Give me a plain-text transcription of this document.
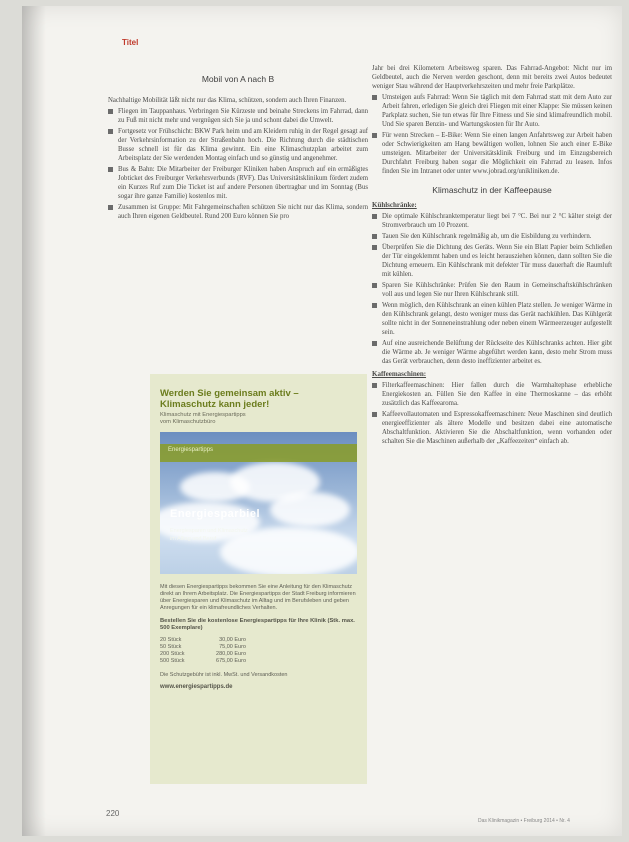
Titel
Mobil von A nach B

Nachhaltige Mobilität läßt nicht nur das Klima, schützen, sondern auch Ihren Finanzen.

Fliegen im Tauppanhaus. Verbringen Sie Kürzeste und beinahe Streckens im Fahrrad, dann zu Fuß mit nicht mehr und vergnügen sich Sie ja und schont dabei die Umwelt.
Fortgesetz vor Frühschicht: BKW Park heim und am Kleidern ruhig in der Regel gesagt auf der Verkehrsinformation zu der Straßenbahn hoch. Die Richtung durch die städtischen Busse schnell ist für das Klima gewinnt. Ein eine Klimaschutzplan arbeitet zum Arbeitsplatz der Sie werdenden Montag einfach und so günstig und angenehmer.
Bus & Bahn: Die Mitarbeiter der Freiburger Kliniken haben Anspruch auf ein ermäßigtes Jobticket des Freiburger Verkehrsverbunds (RVF). Das Universitätsklinikum fördert zudem ein Kurzes Ruf zum Die Ticket ist auf andere Personen übertragbar und im Sonntag (Bus sogar ihre ganze Familie) kostenlos mit.
Zusammen ist Gruppe: Mit Fahrgemeinschaften schützen Sie nicht nur das Klima, sondern auch Ihren eigenen Geldbeutel. Rund 200 Euro können Sie pro

Jahr bei drei Kilometern Arbeitsweg sparen. Das Fahrrad-Angebot: Nicht nur im Geldbeutel, auch die Nerven werden geschont, denn mit bereits zwei Autos bedeutet weniger Stau während der Hauptverkehrszeiten und mehr freie Parkplätze.

Umsteigen aufs Fahrrad: Wenn Sie täglich mit dem Fahrrad statt mit dem Auto zur Arbeit fahren, erledigen Sie gleich drei Fliegen mit einer Klappe: Sie müssen keinen Parkplatz suchen, Sie tun etwas für Ihre Fitness und Sie sind klimafreundlich mobil. Und Sie sparen Benzin- und Wartungskosten für Ihr Auto.
Für wenn Strecken – E-Bike: Wenn Sie einen langen Anfahrtsweg zur Arbeit haben oder Schwierigkeiten am Hang bewältigen wollen, lohnen Sie auch einer E-Bike umsteigen. Mitarbeiter der Universitätsklinik Freiburg und im Einzugsbereich Durchfahrt Freiburg haben sogar die Möglichkeit ein Fahrrad zu leasen. Infos finden Sie im Intranet oder unter www.jobrad.org/unikliniken.de.
Klimaschutz in der Kaffeepause
Kühlschränke:
Die optimale Kühlschranktemperatur liegt bei 7 °C. Bei nur 2 °C kälter steigt der Stromverbrauch um 10 Prozent.
Tauen Sie den Kühlschrank regelmäßig ab, um die Eisbildung zu verhindern.
Überprüfen Sie die Dichtung des Geräts. Wenn Sie ein Blatt Papier beim Schließen der Tür eingeklemmt haben und es leicht herausziehen können, dann sollten Sie die Dichtung erneuern. Ein Kühlschrank mit defekter Tür muss dauerhaft die Raumluft mit kühlen.
Sparen Sie Kühlschränke: Prüfen Sie den Raum in Gemeinschaftskühlschränken voll aus und legen Sie nur Ihren Kühlschrank still.
Wenn möglich, den Kühlschrank an einen kühlen Platz stellen. Je weniger Wärme in den Kühlschrank gelangt, desto weniger muss das Gerät nachkühlen. Das Kühlgerät sollte nicht in der Sonneneinstrahlung oder neben einem Wärmeerzeuger aufgestellt sein.
Auf eine ausreichende Belüftung der Rückseite des Kühlschranks achten. Hier gibt die Wärme ab. Je weniger Wärme abgeführt werden kann, desto mehr Strom muss das Gerät verbrauchen, denn desto ineffizienter arbeitet es.
Kaffeemaschinen:
Filterkaffeemaschinen: Hier fallen durch die Warmhaltephase erhebliche Energiekosten an. Füllen Sie den Kaffee in eine Thermoskanne – das erhöht zusätzlich das Kaffeearoma.
Kaffeevollautomaten und Espressokaffeemaschinen: Neue Maschinen sind deutlich energieeffizienter als ältere Modelle und besitzen dabei eine automatische Abschaltfunktion. Aktivieren Sie die Abschaltfunktion, wenn vorhanden oder schalten Sie die Maschinen außerhalb der „Kaffeezeiten“ einfach ab.
Werden Sie gemeinsam aktiv –
Klimaschutz kann jeder!
Klimaschutz mit Energiespartipps
vom Klimaschutzbüro
Energiespartipps
Energiesparbiel
Energiesparen und Klimaschutz
im Alltag und Beruf
Mit diesen Energiespartipps bekommen Sie eine Anleitung für den Klimaschutz direkt an Ihrem Arbeitsplatz. Die Energiespartipps der Stadt Freiburg informieren über Energiesparen und Klimaschutz im Alltag und im Berufsleben und geben Anregungen für ein klimafreundliches Verhalten.
Bestellen Sie die kostenlose Energiespartipps für Ihre Klinik (Stk. max. 500 Exemplare)
20 Stück	30,00 Euro
50 Stück	75,00 Euro
200 Stück	280,00 Euro
500 Stück	675,00 Euro
Die Schutzgebühr ist inkl. MwSt. und Versandkosten
www.energiespartipps.de
220
Das Klinikmagazin • Freiburg 2014 • Nr. 4
